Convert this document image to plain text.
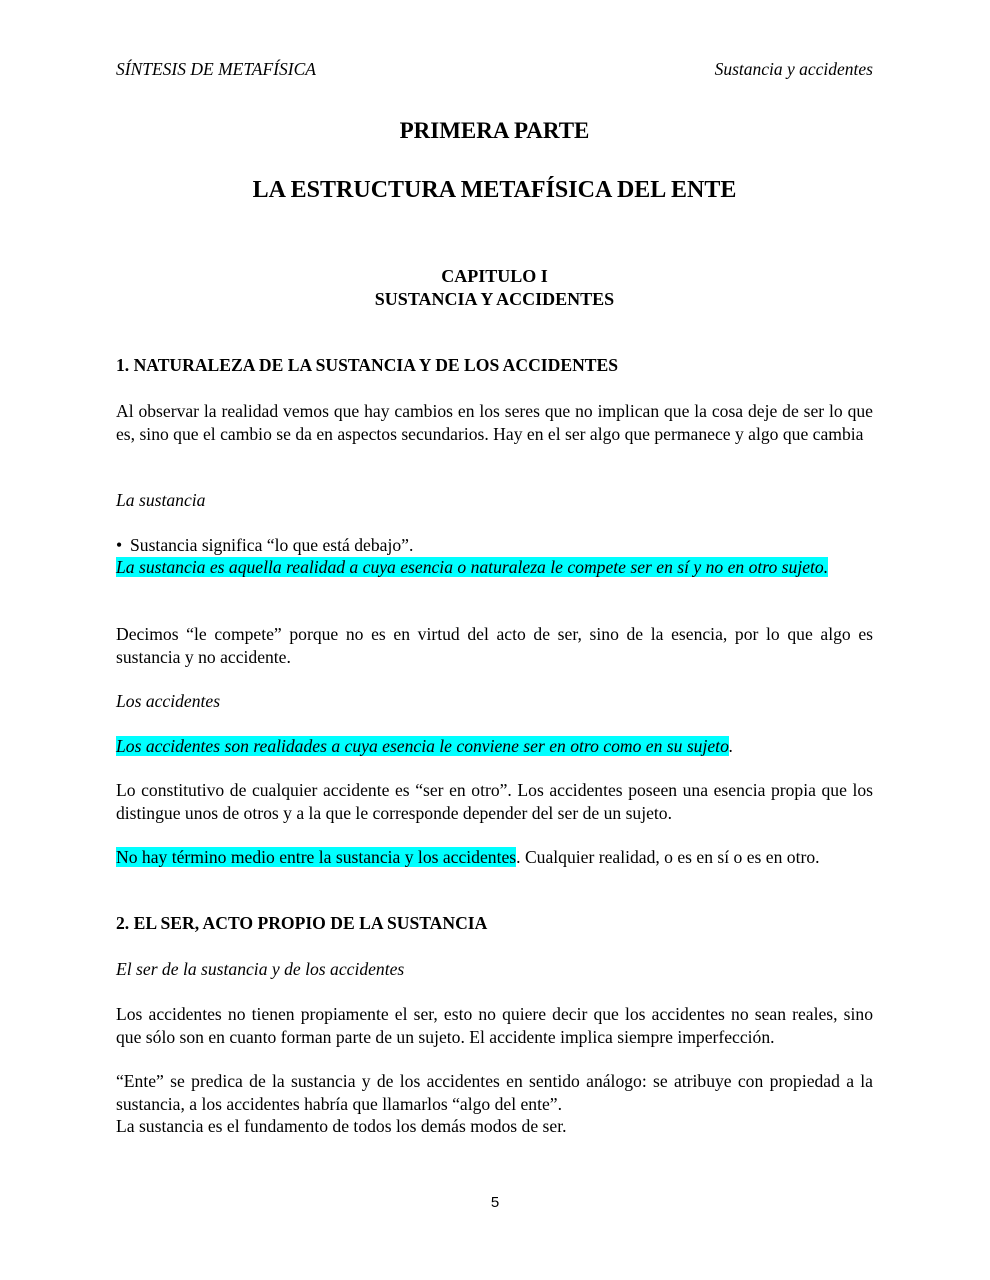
SÍNTESIS DE METAFÍSICA	Sustancia y accidentes
PRIMERA PARTE
LA ESTRUCTURA METAFÍSICA DEL ENTE
CAPITULO I
SUSTANCIA Y ACCIDENTES
1. NATURALEZA DE LA SUSTANCIA Y DE LOS ACCIDENTES
Al observar la realidad vemos que hay cambios en los seres que no implican que la cosa deje de ser lo que es, sino que el cambio se da en aspectos secundarios. Hay en el ser algo que permanece y algo que cambia
La sustancia
• Sustancia significa “lo que está debajo”.
La sustancia es aquella realidad a cuya esencia o naturaleza le compete ser en sí y no en otro sujeto.
Decimos “le compete” porque no es en virtud del acto de ser, sino de la esencia, por lo que algo es sustancia y no accidente.
Los accidentes
Los accidentes son realidades a cuya esencia le conviene ser en otro como en su sujeto.
Lo constitutivo de cualquier accidente es “ser en otro”. Los accidentes poseen una esencia propia que los distingue unos de otros y a la que le corresponde depender del ser de un sujeto.
No hay término medio entre la sustancia y los accidentes. Cualquier realidad, o es en sí o es en otro.
2. EL SER, ACTO PROPIO DE LA SUSTANCIA
El ser de la sustancia y de los accidentes
Los accidentes no tienen propiamente el ser, esto no quiere decir que los accidentes no sean reales, sino que sólo son en cuanto forman parte de un sujeto. El accidente implica siempre imperfección.
“Ente” se predica de la sustancia y de los accidentes en sentido análogo: se atribuye con propiedad a la sustancia, a los accidentes habría que llamarlos “algo del ente”.
La sustancia es el fundamento de todos los demás modos de ser.
5
